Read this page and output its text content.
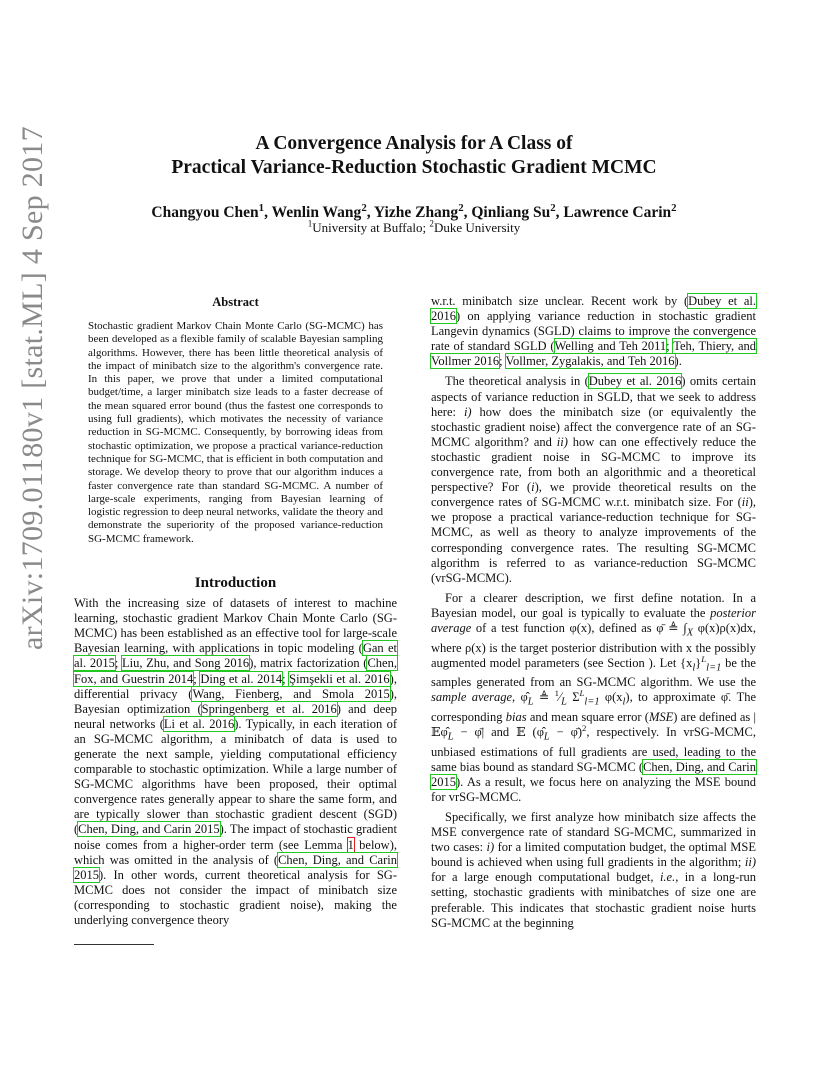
arXiv:1709.01180v1 [stat.ML] 4 Sep 2017	A Convergence Analysis for A Class of
Practical Variance-Reduction Stochastic Gradient MCMC
Changyou Chen$^1$, Wenlin Wang$^2$, Yizhe Zhang$^2$, Qinliang Su$^2$, Lawrence Carin$^2$
$^1$University at Buffalo; $^2$Duke University
Abstract

Stochastic gradient Markov Chain Monte Carlo (SG-MCMC) has been developed as a flexible family of scalable Bayesian sampling algorithms. However, there has been little theoretical analysis of the impact of minibatch size to the algorithm's convergence rate. In this paper, we prove that under a limited computational budget/time, a larger minibatch size leads to a faster decrease of the mean squared error bound (thus the fastest one corresponds to using full gradients), which motivates the necessity of variance reduction in SG-MCMC. Consequently, by borrowing ideas from stochastic optimization, we propose a practical variance-reduction technique for SG-MCMC, that is efficient in both computation and storage. We develop theory to prove that our algorithm induces a faster convergence rate than standard SG-MCMC. A number of large-scale experiments, ranging from Bayesian learning of logistic regression to deep neural networks, validate the theory and demonstrate the superiority of the proposed variance-reduction SG-MCMC framework.

Introduction

With the increasing size of datasets of interest to machine learning, stochastic gradient Markov Chain Monte Carlo (SG-MCMC) has been established as an effective tool for large-scale Bayesian learning, with applications in topic modeling (Gan et al. 2015; Liu, Zhu, and Song 2016), matrix factorization (Chen, Fox, and Guestrin 2014; Ding et al. 2014; Şimşekli et al. 2016), differential privacy (Wang, Fienberg, and Smola 2015), Bayesian optimization (Springenberg et al. 2016) and deep neural networks (Li et al. 2016). Typically, in each iteration of an SG-MCMC algorithm, a minibatch of data is used to generate the next sample, yielding computational efficiency comparable to stochastic optimization. While a large number of SG-MCMC algorithms have been proposed, their optimal convergence rates generally appear to share the same form, and are typically slower than stochastic gradient descent (SGD) (Chen, Ding, and Carin 2015). The impact of stochastic gradient noise comes from a higher-order term (see Lemma 1 below), which was omitted in the analysis of (Chen, Ding, and Carin 2015). In other words, current theoretical analysis for SG-MCMC does not consider the impact of minibatch size (corresponding to stochastic gradient noise), making the underlying convergence theory

w.r.t. minibatch size unclear. Recent work by (Dubey et al. 2016) on applying variance reduction in stochastic gradient Langevin dynamics (SGLD) claims to improve the convergence rate of standard SGLD (Welling and Teh 2011; Teh, Thiery, and Vollmer 2016; Vollmer, Zygalakis, and Teh 2016).

The theoretical analysis in (Dubey et al. 2016) omits certain aspects of variance reduction in SGLD, that we seek to address here: i) how does the minibatch size (or equivalently the stochastic gradient noise) affect the convergence rate of an SG-MCMC algorithm? and ii) how can one effectively reduce the stochastic gradient noise in SG-MCMC to improve its convergence rate, from both an algorithmic and a theoretical perspective? For (i), we provide theoretical results on the convergence rates of SG-MCMC w.r.t. minibatch size. For (ii), we propose a practical variance-reduction technique for SG-MCMC, as well as theory to analyze improvements of the corresponding convergence rates. The resulting SG-MCMC algorithm is referred to as variance-reduction SG-MCMC (vrSG-MCMC).

For a clearer description, we first define notation. In a Bayesian model, our goal is typically to evaluate the posterior average of a test function φ(x), defined as φ̄ ≜ $\int_X$ φ(x)ρ(x)dx, where ρ(x) is the target posterior distribution with x the possibly augmented model parameters (see Section ). Let $\{x_l\}^L_{l=1}$ be the samples generated from an SG-MCMC algorithm. We use the sample average, $\varphî_L$ ≜ $^1⁄_L$ $\Sigma^L_{l=1}$ $\varphi(x_l)$, to approximate φ̄. The corresponding bias and mean square error (MSE) are defined as $|𝔼\varphî_L$ − φ̄| and 𝔼 ($\varphî_L$ − φ̄)$^2$, respectively. In vrSG-MCMC, unbiased estimations of full gradients are used, leading to the same bias bound as standard SG-MCMC (Chen, Ding, and Carin 2015). As a result, we focus here on analyzing the MSE bound for vrSG-MCMC.

Specifically, we first analyze how minibatch size affects the MSE convergence rate of standard SG-MCMC, summarized in two cases: i) for a limited computation budget, the optimal MSE bound is achieved when using full gradients in the algorithm; ii) for a large enough computational budget, i.e., in a long-run setting, stochastic gradients with minibatches of size one are preferable. This indicates that stochastic gradient noise hurts SG-MCMC at the beginning
